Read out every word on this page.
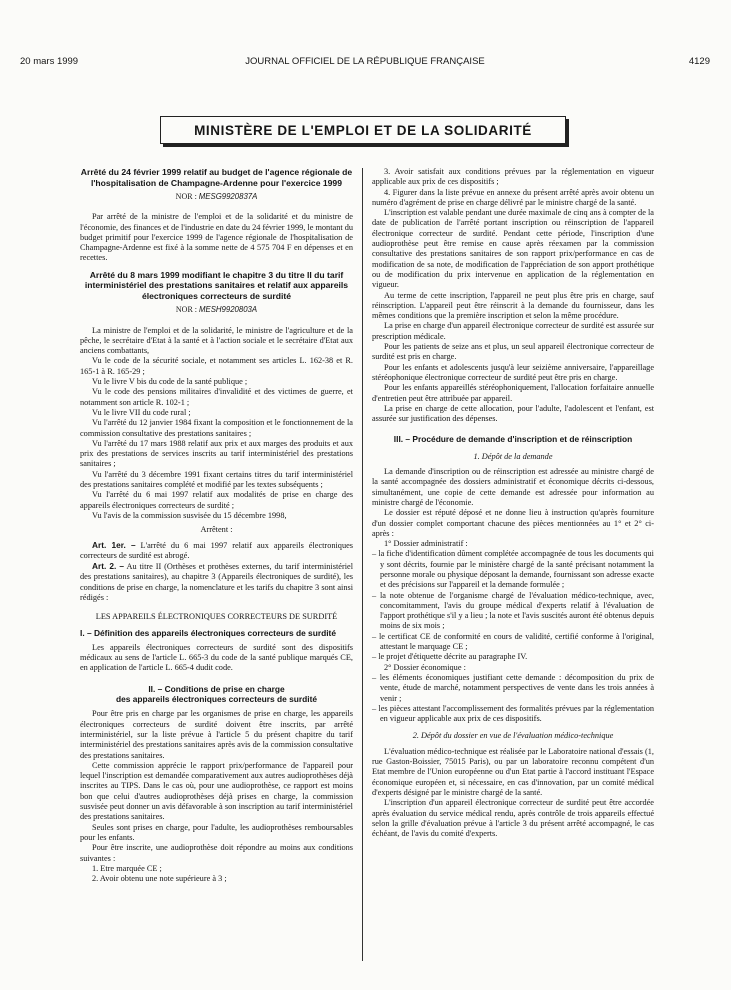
20 mars 1999	JOURNAL OFFICIEL DE LA RÉPUBLIQUE FRANÇAISE	4129
MINISTÈRE DE L'EMPLOI ET DE LA SOLIDARITÉ
Arrêté du 24 février 1999 relatif au budget de l'agence régionale de l'hospitalisation de Champagne-Ardenne pour l'exercice 1999
NOR : MESG9920837A

Par arrêté de la ministre de l'emploi et de la solidarité et du ministre de l'économie, des finances et de l'industrie en date du 24 février 1999, le montant du budget primitif pour l'exercice 1999 de l'agence régionale de l'hospitalisation de Champagne-Ardenne est fixé à la somme nette de 4 575 704 F en dépenses et en recettes.

Arrêté du 8 mars 1999 modifiant le chapitre 3 du titre II du tarif interministériel des prestations sanitaires et relatif aux appareils électroniques correcteurs de surdité
NOR : MESH9920803A

La ministre de l'emploi et de la solidarité, le ministre de l'agriculture et de la pêche, le secrétaire d'Etat à la santé et à l'action sociale et le secrétaire d'Etat aux anciens combattants,

Vu le code de la sécurité sociale, et notamment ses articles L. 162-38 et R. 165-1 à R. 165-29 ;

Vu le livre V bis du code de la santé publique ;

Vu le code des pensions militaires d'invalidité et des victimes de guerre, et notamment son article R. 102-1 ;

Vu le livre VII du code rural ;

Vu l'arrêté du 12 janvier 1984 fixant la composition et le fonctionnement de la commission consultative des prestations sanitaires ;

Vu l'arrêté du 17 mars 1988 relatif aux prix et aux marges des produits et aux prix des prestations de services inscrits au tarif interministériel des prestations sanitaires ;

Vu l'arrêté du 3 décembre 1991 fixant certains titres du tarif interministériel des prestations sanitaires complété et modifié par les textes subséquents ;

Vu l'arrêté du 6 mai 1997 relatif aux modalités de prise en charge des appareils électroniques correcteurs de surdité ;

Vu l'avis de la commission susvisée du 15 décembre 1998,

Arrêtent :

Art. 1er. – L'arrêté du 6 mai 1997 relatif aux appareils électroniques correcteurs de surdité est abrogé.

Art. 2. – Au titre II (Orthèses et prothèses externes, du tarif interministériel des prestations sanitaires), au chapitre 3 (Appareils électroniques de surdité), les conditions de prise en charge, la nomenclature et les tarifs du chapitre 3 sont ainsi rédigés :

LES APPAREILS ÉLECTRONIQUES CORRECTEURS DE SURDITÉ

I. – Définition des appareils électroniques correcteurs de surdité

Les appareils électroniques correcteurs de surdité sont des dispositifs médicaux au sens de l'article L. 665-3 du code de la santé publique marqués CE, en application de l'article L. 665-4 dudit code.

II. – Conditions de prise en charge

des appareils électroniques correcteurs de surdité

Pour être pris en charge par les organismes de prise en charge, les appareils électroniques correcteurs de surdité doivent être inscrits, par arrêté interministériel, sur la liste prévue à l'article 5 du présent chapitre du tarif interministériel des prestations sanitaires après avis de la commission consultative des prestations sanitaires.

Cette commission apprécie le rapport prix/performance de l'appareil pour lequel l'inscription est demandée comparativement aux autres audioprothèses déjà inscrites au TIPS. Dans le cas où, pour une audioprothèse, ce rapport est moins bon que celui d'autres audioprothèses déjà prises en charge, la commission susvisée peut donner un avis défavorable à son inscription au tarif interministériel des prestations sanitaires.

Seules sont prises en charge, pour l'adulte, les audioprothèses remboursables pour les enfants.

Pour être inscrite, une audioprothèse doit répondre au moins aux conditions suivantes :

1. Etre marquée CE ;

2. Avoir obtenu une note supérieure à 3 ;

3. Avoir satisfait aux conditions prévues par la réglementation en vigueur applicable aux prix de ces dispositifs ;

4. Figurer dans la liste prévue en annexe du présent arrêté après avoir obtenu un numéro d'agrément de prise en charge délivré par le ministre chargé de la santé.

L'inscription est valable pendant une durée maximale de cinq ans à compter de la date de publication de l'arrêté portant inscription ou réinscription de l'appareil électronique correcteur de surdité. Pendant cette période, l'inscription d'une audioprothèse peut être remise en cause après réexamen par la commission consultative des prestations sanitaires de son rapport prix/performance en cas de modification de sa note, de modification de l'appréciation de son apport prothétique ou de modification du prix intervenue en application de la réglementation en vigueur.

Au terme de cette inscription, l'appareil ne peut plus être pris en charge, sauf réinscription. L'appareil peut être réinscrit à la demande du fournisseur, dans les mêmes conditions que la première inscription et selon la même procédure.

La prise en charge d'un appareil électronique correcteur de surdité est assurée sur prescription médicale.

Pour les patients de seize ans et plus, un seul appareil électronique correcteur de surdité est pris en charge.

Pour les enfants et adolescents jusqu'à leur seizième anniversaire, l'appareillage stéréophonique électronique correcteur de surdité peut être pris en charge.

Pour les enfants appareillés stéréophoniquement, l'allocation forfaitaire annuelle d'entretien peut être attribuée par appareil.

La prise en charge de cette allocation, pour l'adulte, l'adolescent et l'enfant, est assurée sur justification des dépenses.

III. – Procédure de demande d'inscription et de réinscription

1. Dépôt de la demande

La demande d'inscription ou de réinscription est adressée au ministre chargé de la santé accompagnée des dossiers administratif et économique décrits ci-dessous, simultanément, une copie de cette demande est adressée pour information au ministre chargé de l'économie.

Le dossier est réputé déposé et ne donne lieu à instruction qu'après fourniture d'un dossier complet comportant chacune des pièces mentionnées au 1° et 2° ci-après :

1° Dossier administratif :

– la fiche d'identification dûment complétée accompagnée de tous les documents qui y sont décrits, fournie par le ministère chargé de la santé précisant notamment la personne morale ou physique déposant la demande, fournissant son adresse exacte et des précisions sur l'appareil et la demande formulée ;

– la note obtenue de l'organisme chargé de l'évaluation médico-technique, avec, concomitamment, l'avis du groupe médical d'experts relatif à l'évaluation de l'apport prothétique s'il y a lieu ; la note et l'avis suscités auront été obtenus depuis moins de six mois ;

– le certificat CE de conformité en cours de validité, certifié conforme à l'original, attestant le marquage CE ;

– le projet d'étiquette décrite au paragraphe IV.

2° Dossier économique :

– les éléments économiques justifiant cette demande : décomposition du prix de vente, étude de marché, notamment perspectives de vente dans les trois années à venir ;

– les pièces attestant l'accomplissement des formalités prévues par la réglementation en vigueur applicable aux prix de ces dispositifs.

2. Dépôt du dossier en vue de l'évaluation médico-technique

L'évaluation médico-technique est réalisée par le Laboratoire national d'essais (1, rue Gaston-Boissier, 75015 Paris), ou par un laboratoire reconnu compétent d'un Etat membre de l'Union européenne ou d'un Etat partie à l'accord instituant l'Espace économique européen et, si nécessaire, en cas d'innovation, par un comité médical d'experts désigné par le ministre chargé de la santé.

L'inscription d'un appareil électronique correcteur de surdité peut être accordée après évaluation du service médical rendu, après contrôle de trois appareils effectué selon la grille d'évaluation prévue à l'article 3 du présent arrêté accompagné, le cas échéant, de l'avis du comité d'experts.
